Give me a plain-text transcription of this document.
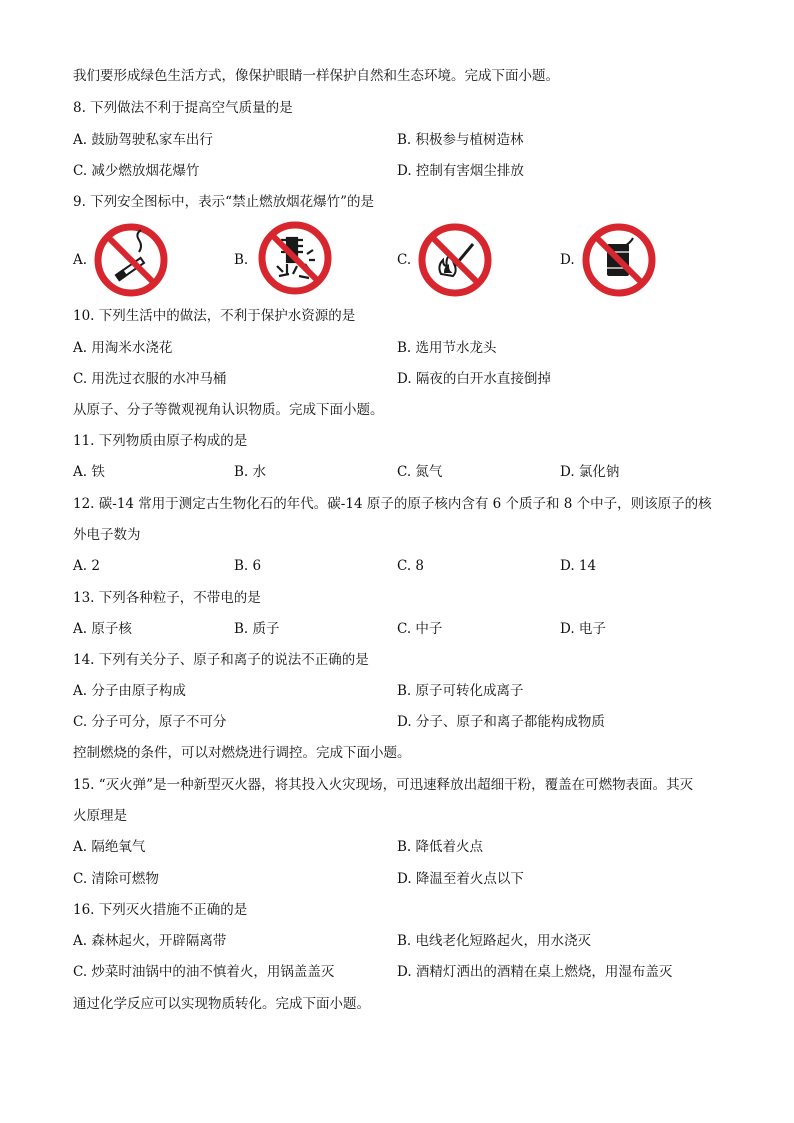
我们要形成绿色生活方式，像保护眼睛一样保护自然和生态环境。完成下面小题。
8. 下列做法不利于提高空气质量的是
A. 鼓励驾驶私家车出行	B. 积极参与植树造林
C. 减少燃放烟花爆竹	D. 控制有害烟尘排放
9. 下列安全图标中，表示“禁止燃放烟花爆竹”的是
A.	B.	C.	D.
10. 下列生活中的做法，不利于保护水资源的是
A. 用淘米水浇花	B. 选用节水龙头
C. 用洗过衣服的水冲马桶	D. 隔夜的白开水直接倒掉
从原子、分子等微观视角认识物质。完成下面小题。
11. 下列物质由原子构成的是
A. 铁	B. 水	C. 氮气	D. 氯化钠
12. 碳-14 常用于测定古生物化石的年代。碳-14 原子的原子核内含有 6 个质子和 8 个中子，则该原子的核
外电子数为
A. 2	B. 6	C. 8	D. 14
13. 下列各种粒子，不带电的是
A. 原子核	B. 质子	C. 中子	D. 电子
14. 下列有关分子、原子和离子的说法不正确的是
A. 分子由原子构成	B. 原子可转化成离子
C. 分子可分，原子不可分	D. 分子、原子和离子都能构成物质
控制燃烧的条件，可以对燃烧进行调控。完成下面小题。
15. “灭火弹”是一种新型灭火器，将其投入火灾现场，可迅速释放出超细干粉，覆盖在可燃物表面。其灭
火原理是
A. 隔绝氧气	B. 降低着火点
C. 清除可燃物	D. 降温至着火点以下
16. 下列灭火措施不正确的是
A. 森林起火，开辟隔离带	B. 电线老化短路起火，用水浇灭
C. 炒菜时油锅中的油不慎着火，用锅盖盖灭	D. 酒精灯洒出的酒精在桌上燃烧，用湿布盖灭
通过化学反应可以实现物质转化。完成下面小题。
